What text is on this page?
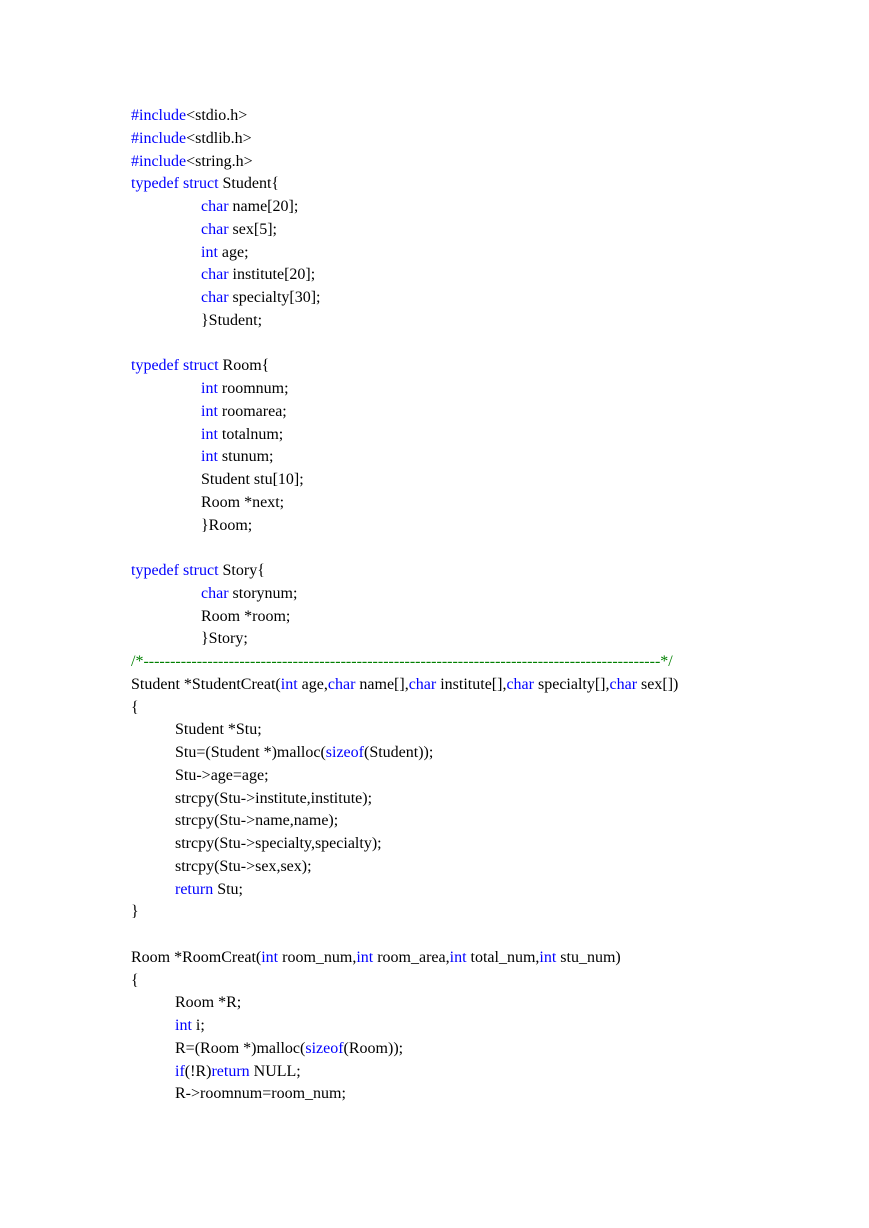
#include<stdio.h>
#include<stdlib.h>
#include<string.h>
typedef struct Student{
char name[20];
char sex[5];
int age;
char institute[20];
char specialty[30];
}Student;
typedef struct Room{
int roomnum;
int roomarea;
int totalnum;
int stunum;
Student stu[10];
Room *next;
}Room;
typedef struct Story{
char storynum;
Room *room;
}Story;
/*-------------------------------------------------------------------------------------------------*/
Student *StudentCreat(int age,char name[],char institute[],char specialty[],char sex[])
{
Student *Stu;
Stu=(Student *)malloc(sizeof(Student));
Stu->age=age;
strcpy(Stu->institute,institute);
strcpy(Stu->name,name);
strcpy(Stu->specialty,specialty);
strcpy(Stu->sex,sex);
return Stu;
}
Room *RoomCreat(int room_num,int room_area,int total_num,int stu_num)
{
Room *R;
int i;
R=(Room *)malloc(sizeof(Room));
if(!R)return NULL;
R->roomnum=room_num;
